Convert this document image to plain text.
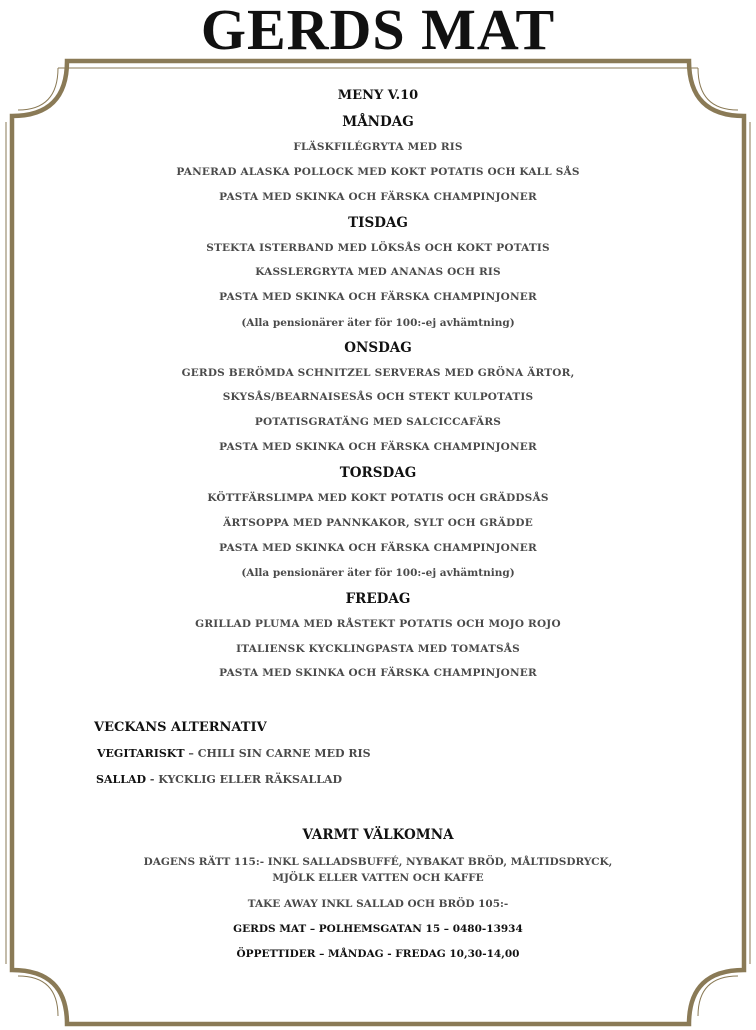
GERDS MAT
MENY V.10
MÅNDAG
FLÄSKFILÉGRYTA MED RIS
PANERAD ALASKA POLLOCK MED KOKT POTATIS OCH KALL SÅS
PASTA MED SKINKA OCH FÄRSKA CHAMPINJONER
TISDAG
STEKTA ISTERBAND MED LÖKSÅS OCH KOKT POTATIS
KASSLERGRYTA MED ANANAS OCH RIS
PASTA MED SKINKA OCH FÄRSKA CHAMPINJONER
(Alla pensionärer äter för 100:-ej avhämtning)
ONSDAG
GERDS BERÖMDA SCHNITZEL SERVERAS MED GRÖNA ÄRTOR,
SKYSÅS/BEARNAISESÅS OCH STEKT KULPOTATIS
POTATISGRATÄNG MED SALCICCAFÄRS
PASTA MED SKINKA OCH FÄRSKA CHAMPINJONER
TORSDAG
KÖTTFÄRSLIMPA MED KOKT POTATIS OCH GRÄDDSÅS
ÄRTSOPPA MED PANNKAKOR, SYLT OCH GRÄDDE
PASTA MED SKINKA OCH FÄRSKA CHAMPINJONER
(Alla pensionärer äter för 100:-ej avhämtning)
FREDAG
GRILLAD PLUMA MED RÅSTEKT POTATIS OCH MOJO ROJO
ITALIENSK KYCKLINGPASTA MED TOMATSÅS
PASTA MED SKINKA OCH FÄRSKA CHAMPINJONER
VECKANS ALTERNATIV
VEGITARISKT – CHILI SIN CARNE MED RIS
SALLAD - KYCKLIG ELLER RÄKSALLAD
VARMT VÄLKOMNA
DAGENS RÄTT 115:- INKL SALLADSBUFFÉ, NYBAKAT BRÖD, MÅLTIDSDRYCK,
MJÖLK ELLER VATTEN OCH KAFFE
TAKE AWAY INKL SALLAD OCH BRÖD 105:-
GERDS MAT – POLHEMSGATAN 15 – 0480-13934
ÖPPETTIDER – MÅNDAG - FREDAG 10,30-14,00
